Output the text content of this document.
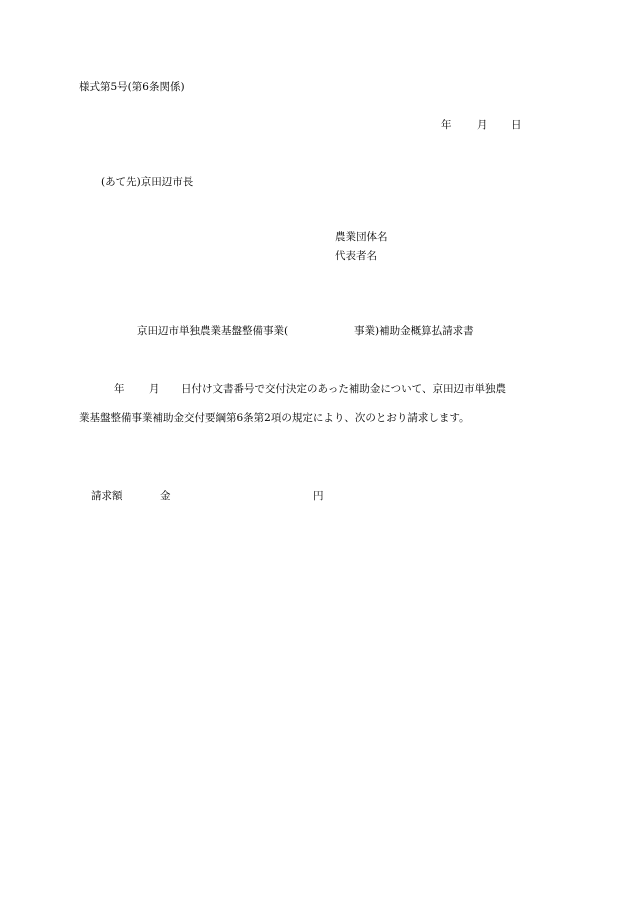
様式第5号(第6条関係)
年 月 日
(あて先)京田辺市長
農業団体名
代表者名
京田辺市単独農業基盤整備事業(	事業)補助金概算払請求書
年 月 日付け文書番号で交付決定のあった補助金について、京田辺市単独農
業基盤整備事業補助金交付要綱第6条第2項の規定により、次のとおり請求します。
請求額	金	円
